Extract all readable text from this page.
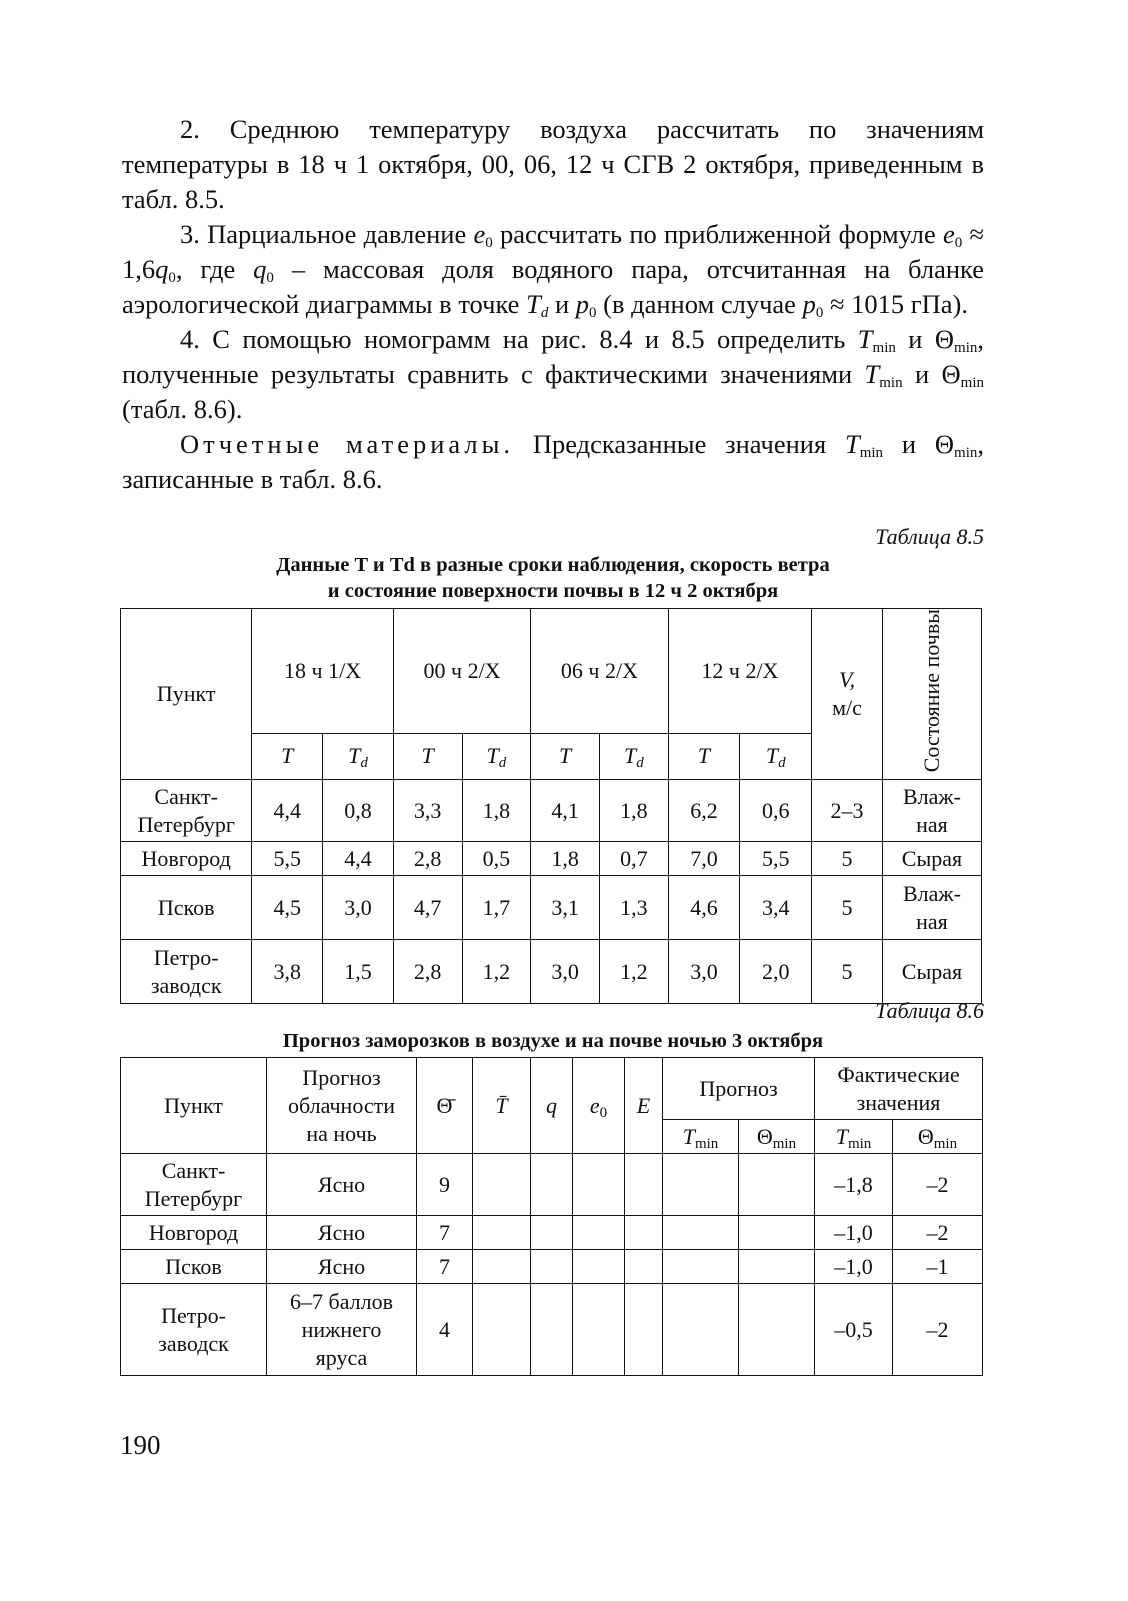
2. Среднюю температуру воздуха рассчитать по значениям температуры в 18 ч 1 октября, 00, 06, 12 ч СГВ 2 октября, приведенным в табл. 8.5.

3. Парциальное давление $e_0$ рассчитать по приближенной формуле $e_0 \approx 1,6q_0$, где $q_0$ – массовая доля водяного пара, отсчитанная на бланке аэрологической диаграммы в точке $T_d$ и $p_0$ (в данном случае $p_0 \approx 1015$ гПа).

4. С помощью номограмм на рис. 8.4 и 8.5 определить $T_{min}$ и $\Theta_{min}$, полученные результаты сравнить с фактическими значениями $T_{min}$ и $\Theta_{min}$ (табл. 8.6).

Отчетные материалы. Предсказанные значения $T_{min}$ и $\Theta_{min}$, записанные в табл. 8.6.

Таблица 8.5
Данные T и Td в разные сроки наблюдения, скорость ветра
и состояние поверхности почвы в 12 ч 2 октября
Пункт	18 ч 1/X		00 ч 2/X		06 ч 2/X		12 ч 2/X		V,
м/с	Состояние почвы
	T	$T_d$	T	$T_d$	T	$T_d$	T	$T_d$
Санкт-
Петербург	4,4	0,8	3,3	1,8	4,1	1,8	6,2	0,6	2–3	Влаж-
ная
Новгород	5,5	4,4	2,8	0,5	1,8	0,7	7,0	5,5	5	Сырая
Псков	4,5	3,0	4,7	1,7	3,1	1,3	4,6	3,4	5	Влаж-
ная
Петро-
заводск	3,8	1,5	2,8	1,2	3,0	1,2	3,0	2,0	5	Сырая
Таблица 8.6
Прогноз заморозков в воздухе и на почве ночью 3 октября
Пункт	Прогноз
облачности
на ночь	Θ̄	T̄	q	$e_0$	E	Прогноз		Фактические
значения	
							$T_{min}$	$\Theta_{min}$	$T_{min}$	$\Theta_{min}$
Санкт-
Петербург	Ясно	9							–1,8	–2
Новгород	Ясно	7							–1,0	–2
Псков	Ясно	7							–1,0	–1
Петро-
заводск	6–7 баллов
нижнего
яруса	4							–0,5	–2
190
